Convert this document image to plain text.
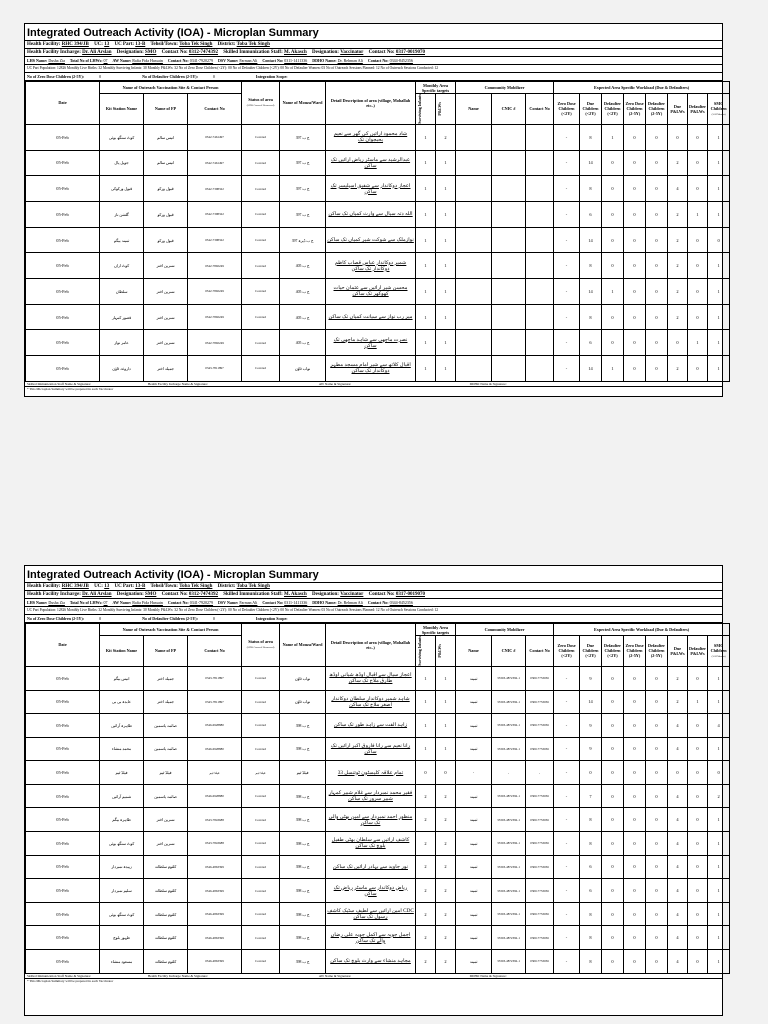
Integrated Outreach Activity (IOA) - Microplan Summary
Health Facility: RHC 394/JB UC: 13 UC Part: 13-B Tehsil/Town: Toba Tek Singh District: Toba Tek Singh
Health Facility Incharge: Dr. Ali Arslan Designation: SMO Contact No: 0312-7474392 Skilled Immunization Staff: M. Akasch Designation: Vaccinator Contact No: 0317-0019070
LHS Name: Dusha Zia Total No of LHWs: 07 AW Name: Rafia Fida Hussain Contact No: 0341-7920279 DSV Name: Farman Ali Contact No: 0311-1411336 DDHO Name: Dr. Rehman Ali Contact No: 0344-8452356
UC Part Population: 12826 Monthly Live Births: 32 Monthly Surviving Infants: 30 Monthly P&LWs: 32 No of Zero Dose Children (<2Y): 00 No of Defaulter Children (<2Y): 00 No of Defaulter Women: 03 No of Outreach Sessions Planned: 12 No of Outreach Sessions Conducted: 12
No of Zero Dose Children (2-5Y):	0	No of Defaulter Children (2-5Y):	0	Integration Scope:
Date	Name of Outreach Vaccination Site & Contact Person			Status of area
(LHW Covered/ Uncovered)	Name of Mouza/Ward	Detail Description of area (village, Mohallah etc..)	Monthly Area Specific targets		Community Mobilizer			Expected Area Specific Workload (Due & Defaulters)							
	Kit Station Name	Name of FP	Contact No				Surviving Infants	P&LWs	Name	CNIC #	Contact No	Zero Dose Children (<2Y)	Due Children (<2Y)	Defaulter Children (<2Y)	Zero Dose Children (2-5Y)	Defaulter Children (2-5Y)	Due P&LWs	Defaulter P&LWs	SMC Children
(3-59 Months)
05-Feb	کوٹ سنگھ بوئی	انیس سالم	0342-7461497	Covered	397 ج ب	شاد محمود ارائیں کی گھر سے نعیم بحبجوان تک	1	2				-	8	1	0	0	0	0	1
05-Feb	جویل پال	انیس سالم	0342-7461497	Covered	397 ج ب	عبدالرشید سے ماسٹر ریاض ارائیں تک ساکن	1	1				-	14	0	0	0	2	0	1
05-Feb	قبول ورکوکی	قبول ورکو	0342-7398322	Covered	397 ج ب	اعجاز دوکاندار سے شفیق اسپلیسر تک ساکن	1	1				-	8	0	0	0	4	0	1
05-Feb	گلشن ناز	قبول ورکو	0342-7398322	Covered	397 ج ب	الله دتہ سیال سے وارث کمیاں تک ساکن	1	1				-	6	0	0	0	2	1	1
05-Feb	ثمینہ بیگم	قبول ورکو	0342-7398322	Covered	397 ج ب ڈیرہ	نوازملک سے شوکت شیر کمیاں تک ساکن	1	1				-	14	0	0	0	2	0	0
05-Feb	کوٹ اراں	نسرین اختر	0342-7892249	Covered	405 ج ب	شمیر دوکاندار عباس قصاب کاظم دوکاندار تک ساکن	1	1				-	8	0	0	0	2	0	1
05-Feb	سلطان	نسرین اختر	0342-7892249	Covered	405 ج ب	محسن شیر ارائیں سے عثمان حیات کھوکھر تک ساکن	1	1				-	14	1	0	0	2	0	1
05-Feb	قصور کمہار	نسرین اختر	0342-7892249	Covered	405 ج ب	میر رب نواز سے سیانت کمیاں تک ساکن	1	1				-	8	0	0	0	2	0	1
05-Feb	عامر نواز	نسرین اختر	0342-7892249	Covered	405 ج ب	نصرت ماچھی سے شاہد ماچھی تک ساکن	1	1				-	6	0	0	0	0	1	1
05-Feb	داروغہ ٹاؤن	جمیلہ اختر	0343-7811897	Covered	نواب ٹاؤن	اقبال کلاتھ سے شیر امام مسجد مطہر دوکاندار تک ساکن	1	1				-	14	1	0	0	2	0	1
Skilled Immunization Staff Name & Signature:	Health Facility Incharge Name & Signature:	AW Name & Signature:	DDHO Name & Signature:
* This Microplan Summary will be prepared in each Vaccinator
Integrated Outreach Activity (IOA) - Microplan Summary
Health Facility: RHC 394/JB UC: 13 UC Part: 13-B Tehsil/Town: Toba Tek Singh District: Toba Tek Singh
Health Facility Incharge: Dr. Ali Arslan Designation: SMO Contact No: 0312-7474392 Skilled Immunization Staff: M. Akasch Designation: Vaccinator Contact No: 0317-0019070
LHS Name: Dusha Zia Total No of LHWs: 07 AW Name: Rafia Fida Hussain Contact No: 0341-7920279 DSV Name: Farman Ali Contact No: 0311-1411336 DDHO Name: Dr. Rehman Ali Contact No: 0344-8452356
UC Part Population: 12826 Monthly Live Births: 32 Monthly Surviving Infants: 30 Monthly P&LWs: 32 No of Zero Dose Children (<2Y): 00 No of Defaulter Children (<2Y): 00 No of Defaulter Women: 03 No of Outreach Sessions Planned: 12 No of Outreach Sessions Conducted: 12
No of Zero Dose Children (2-5Y):	0	No of Defaulter Children (2-5Y):	0	Integration Scope:
Date	Name of Outreach Vaccination Site & Contact Person			Status of area
(LHW Covered/ Uncovered)	Name of Mouza/Ward	Detail Description of area (village, Mohallah etc..)	Monthly Area Specific targets		Community Mobilizer			Expected Area Specific Workload (Due & Defaulters)							
	Kit Station Name	Name of FP	Contact No				Surviving Infants	P&LWs	Name	CNIC #	Contact No	Zero Dose Children (<2Y)	Due Children (<2Y)	Defaulter Children (<2Y)	Zero Dose Children (2-5Y)	Defaulter Children (2-5Y)	Due P&LWs	Defaulter P&LWs	SMC Children
(3-59 Months)
05-Feb	انیس بیگم	جمیلہ اختر	0343-7811897	Covered	نواب ٹاؤن	اعجاز سیال سے اقبال اوڈھ شیانی اوڈھ طارق ملاح تک ساکن	1	1	ثمینہ	33303-4872392-1	0300-7753036	-	9	0	0	0	2	0	1
05-Feb	عابدہ بی بی	جمیلہ اختر	0343-7811897	Covered	نواب ٹاؤن	شاہد شمیر دوکاندار سلطان دوکاندار اصغر ملاح تک ساکن	1	1	ثمینہ	33303-4872392-1	0300-7753036	-	14	0	0	0	2	1	1
05-Feb	طاہرہ آرائیں	صائمہ یاسمین	0346-6928880	Covered	398 ج ب	زاہد الفت سے زاہد طور تک ساکن	1	1	ثمینہ	33303-4872392-1	0300-7753036	-	9	0	0	0	4	0	4
05-Feb	محمد منشاء	صائمہ یاسمین	0346-6928880	Covered	398 ج ب	رانا نعیم سے رانا فاروق اکبر ارائیں تک ساکن	1	1	ثمینہ	33303-4872392-1	0300-7753036	-	9	0	0	0	4	0	1
05-Feb	فیلڈ ٹیم	فیلڈ ٹیم	فیلڈ ٹیم	فیلڈ ٹیم	فیلڈ ٹیم	تمام علاقہ کلیسٹون ٹوئنسل 33	0	0	-	-	-	-	0	0	0	0	0	0	0
05-Feb	شمیم آرائیں	صائمہ یاسمین	0346-6928880	Covered	398 ج ب	فقیر محمد نمبردار سے غلام شبیر کمہار شبیر سرور تک ساکن	2	2	ثمینہ	33303-4872392-1	0300-7753036	-	7	0	0	0	4	0	2
05-Feb	طاہرہ بیگم	نسرین اختر	0343-7843688	Covered	398 ج ب	منظور احمد نمبردار سے امین بھٹی والی تک ساکن	2	2	ثمینہ	33303-4872392-1	0300-7753036	-	8	0	0	0	4	0	1
05-Feb	کوٹ سنگھ بوئی	نسرین اختر	0343-7843688	Covered	398 ج ب	کاشف ارائیں سے سلطان بھٹی طفیل بلوچ تک ساکن	2	2	ثمینہ	33303-4872392-1	0300-7753036	-	8	0	0	0	4	0	1
05-Feb	زبیدہ نمبردار	کلثوم سلطانہ	0346-4863399	Covered	398 ج ب	نور جاوید سے بہادر ارائیں تک ساکن	2	2	ثمینہ	33303-4872392-1	0300-7753036	-	6	0	0	0	4	0	1
05-Feb	سلیم نمبردار	کلثوم سلطانہ	0346-4863399	Covered	398 ج ب	ریاض دوکاندار سے ماسٹر ریاض تک ساکن	2	2	ثمینہ	33303-4872392-1	0300-7753036	-	6	0	0	0	4	0	1
05-Feb	کوٹ سنگھ بوئی	کلثوم سلطانہ	0346-4863399	Covered	398 ج ب	CDC امین ارائیں سے لطیف سٹیک کاشف رسول تک ساکن	2	2	ثمینہ	33303-4872392-1	0300-7753036	-	8	0	0	0	4	0	1
05-Feb	ظہور بلوچ	کلثوم سلطانہ	0346-4863399	Covered	398 ج ب	اجمل جویہ سے اکمل جویہ علی رضاں والے تک ساکن	2	2	ثمینہ	33303-4872392-1	0300-7753036	-	8	0	0	0	4	0	1
05-Feb	مسعود منشاء	کلثوم سلطانہ	0346-4863399	Covered	398 ج ب	مجاہد منشاء سے وارث بلوچ تک ساکن	2	2	ثمینہ	33303-4872392-1	0300-7753036	-	8	0	0	0	4	0	1
Skilled Immunization Staff Name & Signature:	Health Facility Incharge Name & Signature:	AW Name & Signature:	DDHO Name & Signature:
* This Microplan Summary will be prepared in each Vaccinator
